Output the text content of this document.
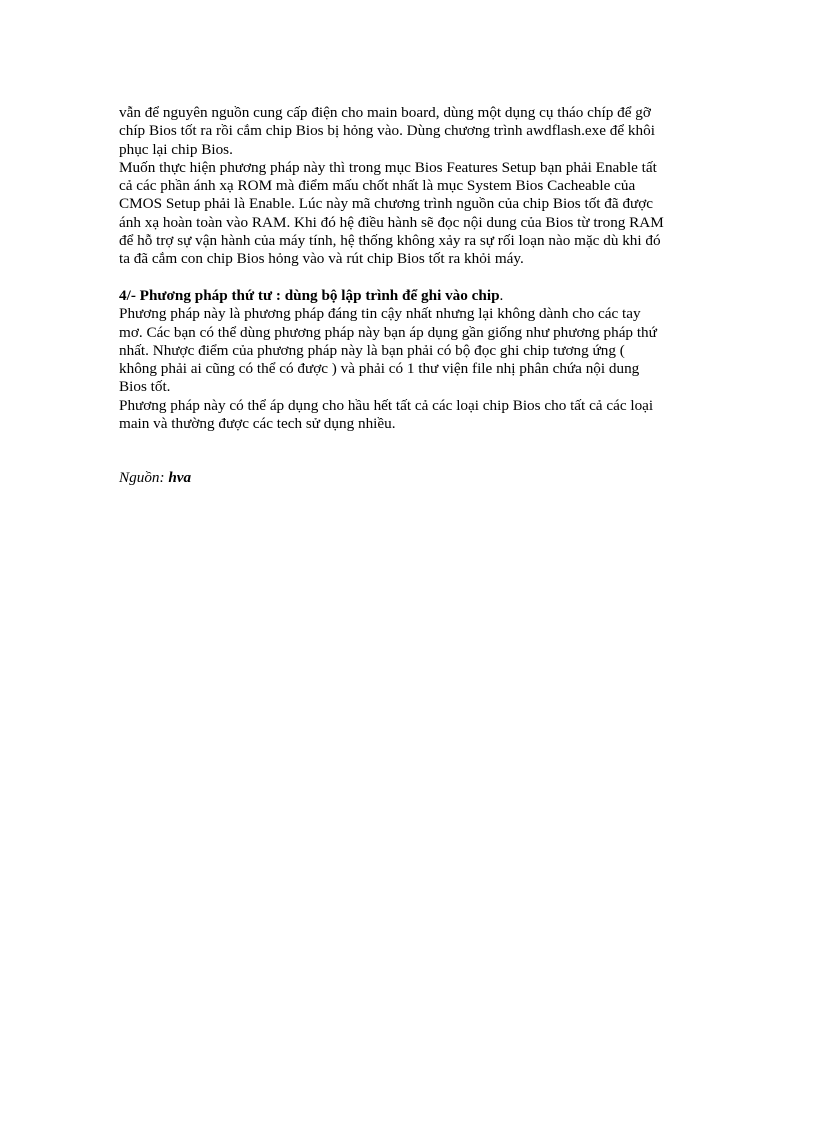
vẫn để nguyên nguồn cung cấp điện cho main board, dùng một dụng cụ tháo chíp để gỡ
chíp Bios tốt ra rồi cắm chip Bios bị hỏng vào. Dùng chương trình awdflash.exe để khôi
phục lại chip Bios.
Muốn thực hiện phương pháp này thì trong mục Bios Features Setup bạn phải Enable tất
cả các phần ánh xạ ROM mà điểm mấu chốt nhất là mục System Bios Cacheable của
CMOS Setup phải là Enable. Lúc này mã chương trình nguồn của chip Bios tốt đã được
ánh xạ hoàn toàn vào RAM. Khi đó hệ điều hành sẽ đọc nội dung của Bios từ trong RAM
để hỗ trợ sự vận hành của máy tính, hệ thống không xảy ra sự rối loạn nào mặc dù khi đó
ta đã cắm con chip Bios hỏng vào và rút chip Bios tốt ra khỏi máy.
4/- Phương pháp thứ tư : dùng bộ lập trình để ghi vào chip.
Phương pháp này là phương pháp đáng tin cậy nhất nhưng lại không dành cho các tay
mơ. Các bạn có thể dùng phương pháp này bạn áp dụng gần giống như phương pháp thứ
nhất. Nhược điểm của phương pháp này là bạn phải có bộ đọc ghi chip tương ứng (
không phải ai cũng có thể có được ) và phải có 1 thư viện file nhị phân chứa nội dung
Bios tốt.
Phương pháp này có thể áp dụng cho hầu hết tất cả các loại chip Bios cho tất cả các loại
main và thường được các tech sử dụng nhiều.
Nguồn: hva
